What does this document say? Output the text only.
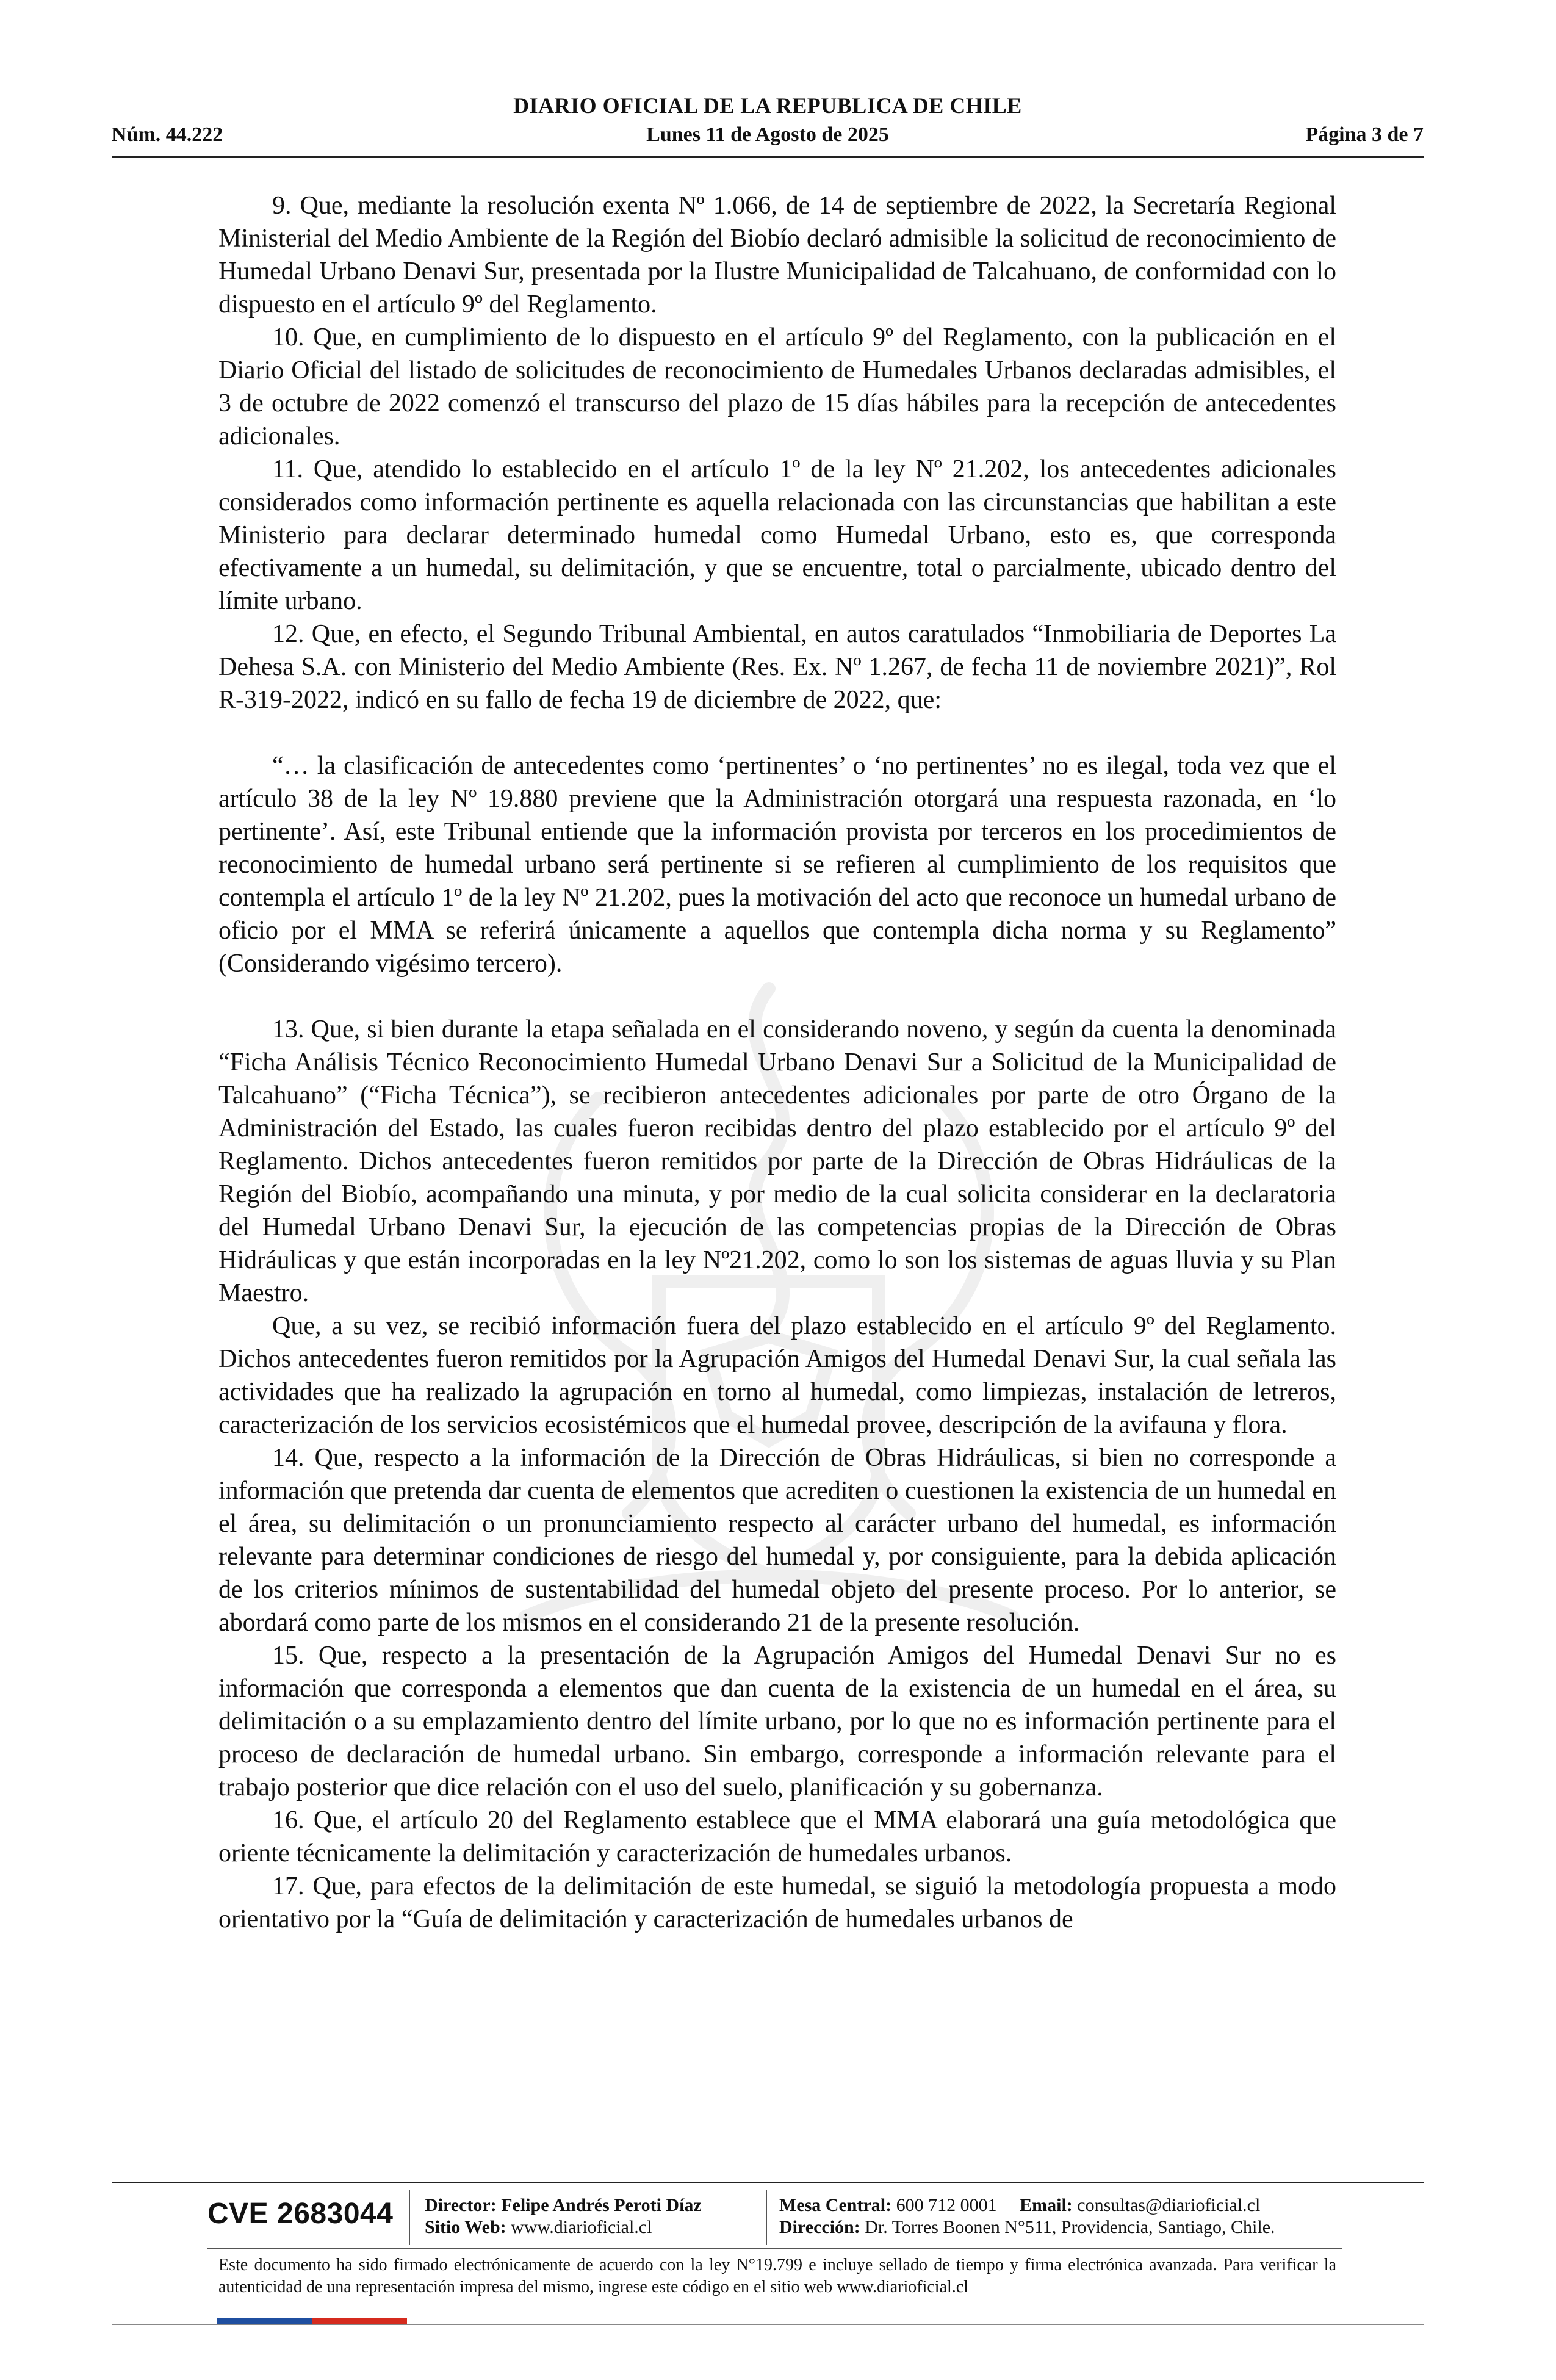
DIARIO OFICIAL DE LA REPUBLICA DE CHILE
Núm. 44.222	Lunes 11 de Agosto de 2025	Página 3 de 7

9. Que, mediante la resolución exenta Nº 1.066, de 14 de septiembre de 2022, la Secretaría Regional Ministerial del Medio Ambiente de la Región del Biobío declaró admisible la solicitud de reconocimiento de Humedal Urbano Denavi Sur, presentada por la Ilustre Municipalidad de Talcahuano, de conformidad con lo dispuesto en el artículo 9º del Reglamento.

10. Que, en cumplimiento de lo dispuesto en el artículo 9º del Reglamento, con la publicación en el Diario Oficial del listado de solicitudes de reconocimiento de Humedales Urbanos declaradas admisibles, el 3 de octubre de 2022 comenzó el transcurso del plazo de 15 días hábiles para la recepción de antecedentes adicionales.

11. Que, atendido lo establecido en el artículo 1º de la ley Nº 21.202, los antecedentes adicionales considerados como información pertinente es aquella relacionada con las circunstancias que habilitan a este Ministerio para declarar determinado humedal como Humedal Urbano, esto es, que corresponda efectivamente a un humedal, su delimitación, y que se encuentre, total o parcialmente, ubicado dentro del límite urbano.

12. Que, en efecto, el Segundo Tribunal Ambiental, en autos caratulados “Inmobiliaria de Deportes La Dehesa S.A. con Ministerio del Medio Ambiente (Res. Ex. Nº 1.267, de fecha 11 de noviembre 2021)”, Rol R-319-2022, indicó en su fallo de fecha 19 de diciembre de 2022, que:

“… la clasificación de antecedentes como ‘pertinentes’ o ‘no pertinentes’ no es ilegal, toda vez que el artículo 38 de la ley Nº 19.880 previene que la Administración otorgará una respuesta razonada, en ‘lo pertinente’. Así, este Tribunal entiende que la información provista por terceros en los procedimientos de reconocimiento de humedal urbano será pertinente si se refieren al cumplimiento de los requisitos que contempla el artículo 1º de la ley Nº 21.202, pues la motivación del acto que reconoce un humedal urbano de oficio por el MMA se referirá únicamente a aquellos que contempla dicha norma y su Reglamento” (Considerando vigésimo tercero).

13. Que, si bien durante la etapa señalada en el considerando noveno, y según da cuenta la denominada “Ficha Análisis Técnico Reconocimiento Humedal Urbano Denavi Sur a Solicitud de la Municipalidad de Talcahuano” (“Ficha Técnica”), se recibieron antecedentes adicionales por parte de otro Órgano de la Administración del Estado, las cuales fueron recibidas dentro del plazo establecido por el artículo 9º del Reglamento. Dichos antecedentes fueron remitidos por parte de la Dirección de Obras Hidráulicas de la Región del Biobío, acompañando una minuta, y por medio de la cual solicita considerar en la declaratoria del Humedal Urbano Denavi Sur, la ejecución de las competencias propias de la Dirección de Obras Hidráulicas y que están incorporadas en la ley Nº21.202, como lo son los sistemas de aguas lluvia y su Plan Maestro.

Que, a su vez, se recibió información fuera del plazo establecido en el artículo 9º del Reglamento. Dichos antecedentes fueron remitidos por la Agrupación Amigos del Humedal Denavi Sur, la cual señala las actividades que ha realizado la agrupación en torno al humedal, como limpiezas, instalación de letreros, caracterización de los servicios ecosistémicos que el humedal provee, descripción de la avifauna y flora.

14. Que, respecto a la información de la Dirección de Obras Hidráulicas, si bien no corresponde a información que pretenda dar cuenta de elementos que acrediten o cuestionen la existencia de un humedal en el área, su delimitación o un pronunciamiento respecto al carácter urbano del humedal, es información relevante para determinar condiciones de riesgo del humedal y, por consiguiente, para la debida aplicación de los criterios mínimos de sustentabilidad del humedal objeto del presente proceso. Por lo anterior, se abordará como parte de los mismos en el considerando 21 de la presente resolución.

15. Que, respecto a la presentación de la Agrupación Amigos del Humedal Denavi Sur no es información que corresponda a elementos que dan cuenta de la existencia de un humedal en el área, su delimitación o a su emplazamiento dentro del límite urbano, por lo que no es información pertinente para el proceso de declaración de humedal urbano. Sin embargo, corresponde a información relevante para el trabajo posterior que dice relación con el uso del suelo, planificación y su gobernanza.

16. Que, el artículo 20 del Reglamento establece que el MMA elaborará una guía metodológica que oriente técnicamente la delimitación y caracterización de humedales urbanos.

17. Que, para efectos de la delimitación de este humedal, se siguió la metodología propuesta a modo orientativo por la “Guía de delimitación y caracterización de humedales urbanos de

CVE 2683044 Director: Felipe Andrés Peroti Díaz
Sitio Web: www.diarioficial.cl
Mesa Central: 600 712 0001 Email: consultas@diarioficial.cl
Dirección: Dr. Torres Boonen N°511, Providencia, Santiago, Chile.
Este documento ha sido firmado electrónicamente de acuerdo con la ley N°19.799 e incluye sellado de tiempo y firma electrónica avanzada. Para verificar la autenticidad de una representación impresa del mismo, ingrese este código en el sitio web www.diarioficial.cl
